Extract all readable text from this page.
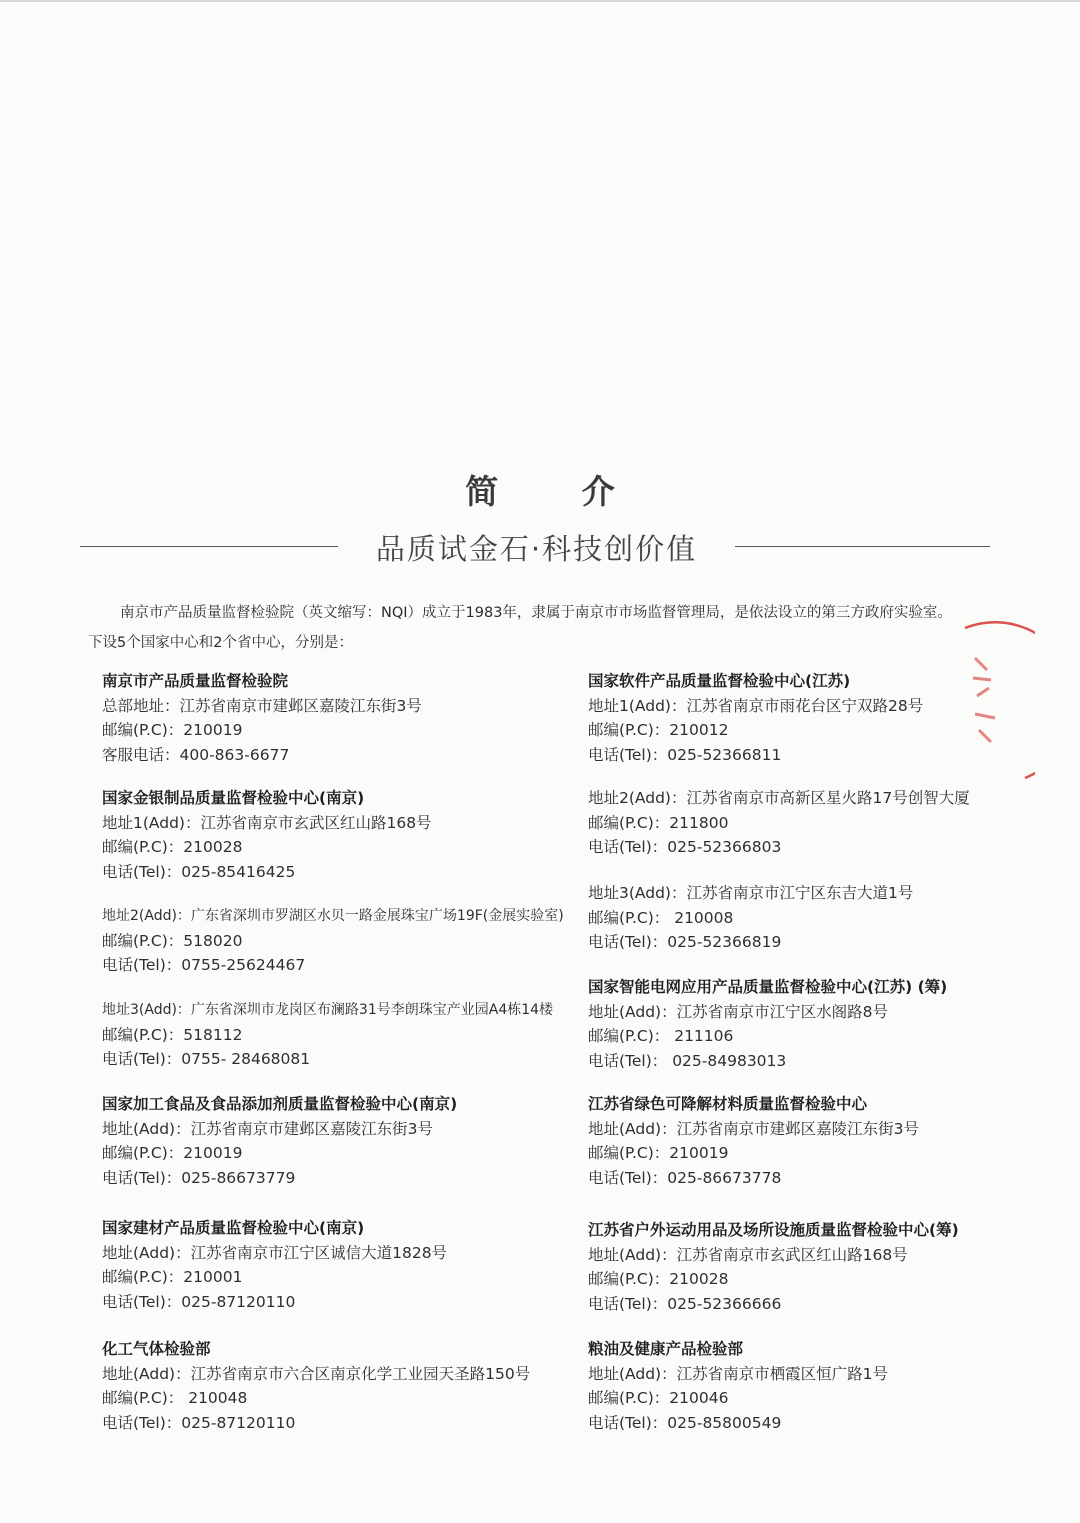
简 介
品质试金石·科技创价值
南京市产品质量监督检验院（英文缩写：NQI）成立于1983年，隶属于南京市市场监督管理局，是依法设立的第三方政府实验室。
下设5个国家中心和2个省中心，分别是：
南京市产品质量监督检验院
总部地址：江苏省南京市建邺区嘉陵江东街3号
邮编(P.C)：210019
客服电话：400-863-6677
国家金银制品质量监督检验中心(南京)
地址1(Add)：江苏省南京市玄武区红山路168号
邮编(P.C)：210028
电话(Tel)：025-85416425
地址2(Add)：广东省深圳市罗湖区水贝一路金展珠宝广场19F(金展实验室)
邮编(P.C)：518020
电话(Tel)：0755-25624467
地址3(Add)：广东省深圳市龙岗区布澜路31号李朗珠宝产业园A4栋14楼
邮编(P.C)：518112
电话(Tel)：0755- 28468081
国家加工食品及食品添加剂质量监督检验中心(南京)
地址(Add)：江苏省南京市建邺区嘉陵江东街3号
邮编(P.C)：210019
电话(Tel)：025-86673779
国家建材产品质量监督检验中心(南京)
地址(Add)：江苏省南京市江宁区诚信大道1828号
邮编(P.C)：210001
电话(Tel)：025-87120110
化工气体检验部
地址(Add)：江苏省南京市六合区南京化学工业园天圣路150号
邮编(P.C)： 210048
电话(Tel)：025-87120110
国家软件产品质量监督检验中心(江苏)
地址1(Add)：江苏省南京市雨花台区宁双路28号
邮编(P.C)：210012
电话(Tel)：025-52366811
地址2(Add)：江苏省南京市高新区星火路17号创智大厦
邮编(P.C)：211800
电话(Tel)：025-52366803
地址3(Add)：江苏省南京市江宁区东吉大道1号
邮编(P.C)： 210008
电话(Tel)：025-52366819
国家智能电网应用产品质量监督检验中心(江苏) (筹)
地址(Add)：江苏省南京市江宁区水阁路8号
邮编(P.C)： 211106
电话(Tel)： 025-84983013
江苏省绿色可降解材料质量监督检验中心
地址(Add)：江苏省南京市建邺区嘉陵江东街3号
邮编(P.C)：210019
电话(Tel)：025-86673778
江苏省户外运动用品及场所设施质量监督检验中心(筹)
地址(Add)：江苏省南京市玄武区红山路168号
邮编(P.C)：210028
电话(Tel)：025-52366666
粮油及健康产品检验部
地址(Add)：江苏省南京市栖霞区恒广路1号
邮编(P.C)：210046
电话(Tel)：025-85800549
